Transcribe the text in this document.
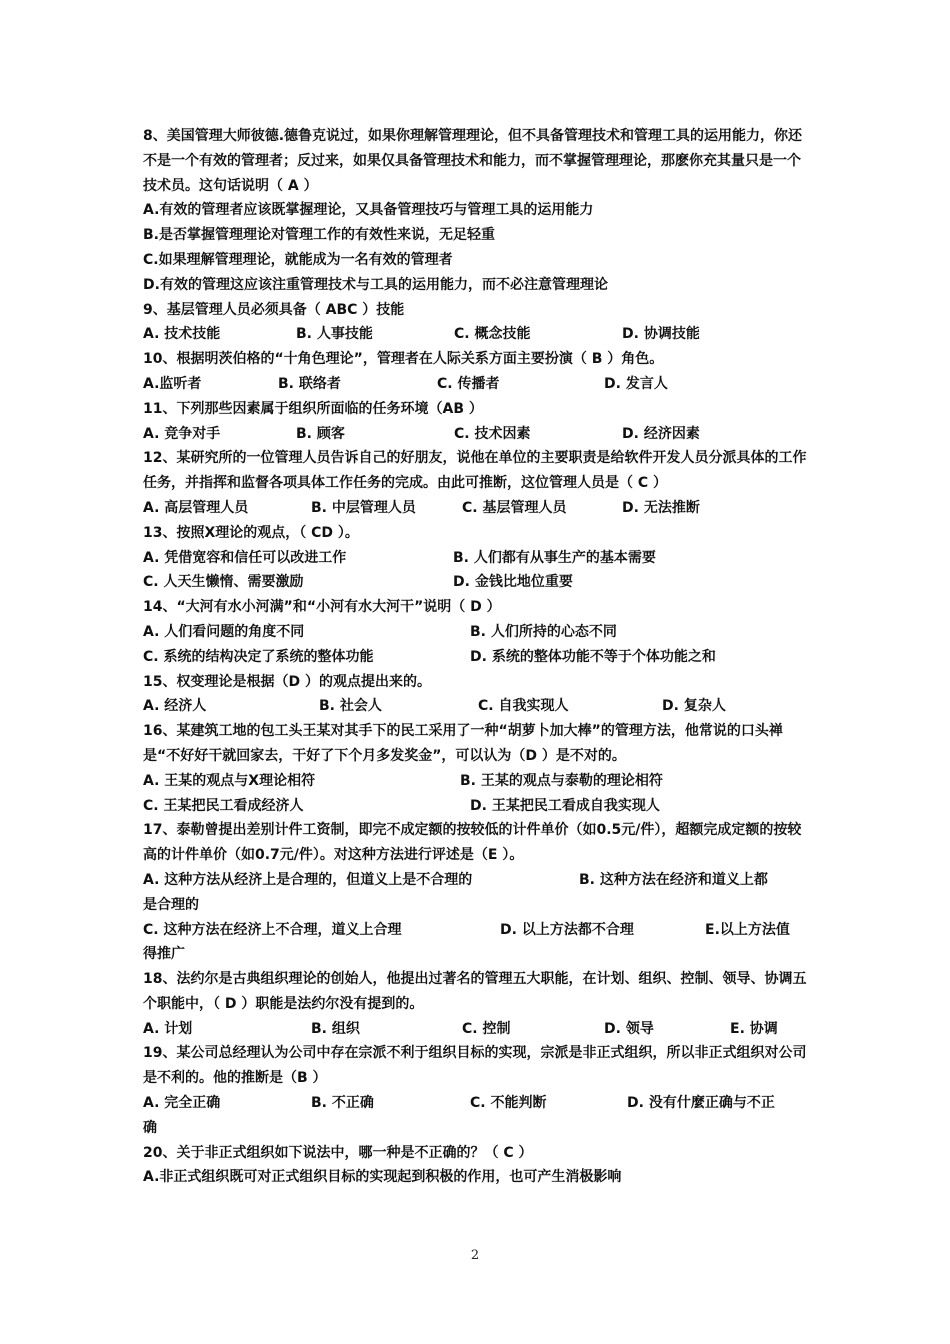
8、美国管理大师彼德.德鲁克说过，如果你理解管理理论，但不具备管理技术和管理工具的运用能力，你还不是一个有效的管理者；反过来，如果仅具备管理技术和能力，而不掌握管理理论，那麽你充其量只是一个技术员。这句话说明（ A ）

A.有效的管理者应该既掌握理论，又具备管理技巧与管理工具的运用能力

B.是否掌握管理理论对管理工作的有效性来说，无足轻重

C.如果理解管理理论，就能成为一名有效的管理者

D.有效的管理这应该注重管理技术与工具的运用能力，而不必注意管理理论

9、基层管理人员必须具备（ ABC ）技能

A. 技术技能	B. 人事技能	C. 概念技能	D. 协调技能

10、根据明茨伯格的“十角色理论”，管理者在人际关系方面主要扮演（ B ）角色。

A.监听者	B. 联络者	C. 传播者	D. 发言人

11、下列那些因素属于组织所面临的任务环境（AB ）

A. 竞争对手	B. 顾客	C. 技术因素	D. 经济因素

12、某研究所的一位管理人员告诉自己的好朋友，说他在单位的主要职责是给软件开发人员分派具体的工作任务，并指挥和监督各项具体工作任务的完成。由此可推断，这位管理人员是（ C ）

A. 高层管理人员	B. 中层管理人员	C. 基层管理人员	D. 无法推断

13、按照X理论的观点，（ CD ）。

A. 凭借宽容和信任可以改进工作	B. 人们都有从事生产的基本需要
C. 人天生懒惰、需要激励	D. 金钱比地位重要

14、“大河有水小河满”和“小河有水大河干”说明（ D ）

A. 人们看问题的角度不同	B. 人们所持的心态不同
C. 系统的结构决定了系统的整体功能	D. 系统的整体功能不等于个体功能之和

15、权变理论是根据（D ）的观点提出来的。

A. 经济人	B. 社会人	C. 自我实现人	D. 复杂人

16、某建筑工地的包工头王某对其手下的民工采用了一种“胡萝卜加大棒”的管理方法，他常说的口头禅是“不好好干就回家去，干好了下个月多发奖金”，可以认为（D ）是不对的。

A. 王某的观点与X理论相符	B. 王某的观点与泰勒的理论相符
C. 王某把民工看成经济人	D. 王某把民工看成自我实现人

17、泰勒曾提出差别计件工资制，即完不成定额的按较低的计件单价（如0.5元/件），超额完成定额的按较高的计件单价（如0.7元/件）。对这种方法进行评述是（E ）。

A. 这种方法从经济上是合理的，但道义上是不合理的	B. 这种方法在经济和道义上都

是合理的

C. 这种方法在经济上不合理，道义上合理	D. 以上方法都不合理	E.以上方法值

得推广

18、法约尔是古典组织理论的创始人，他提出过著名的管理五大职能，在计划、组织、控制、领导、协调五个职能中，（ D ）职能是法约尔没有提到的。

A. 计划	B. 组织	C. 控制	D. 领导	E. 协调

19、某公司总经理认为公司中存在宗派不利于组织目标的实现，宗派是非正式组织，所以非正式组织对公司是不利的。他的推断是（B ）

A. 完全正确	B. 不正确	C. 不能判断	D. 没有什麼正确与不正

确

20、关于非正式组织如下说法中，哪一种是不正确的？（ C ）

A.非正式组织既可对正式组织目标的实现起到积极的作用，也可产生消极影响

2
